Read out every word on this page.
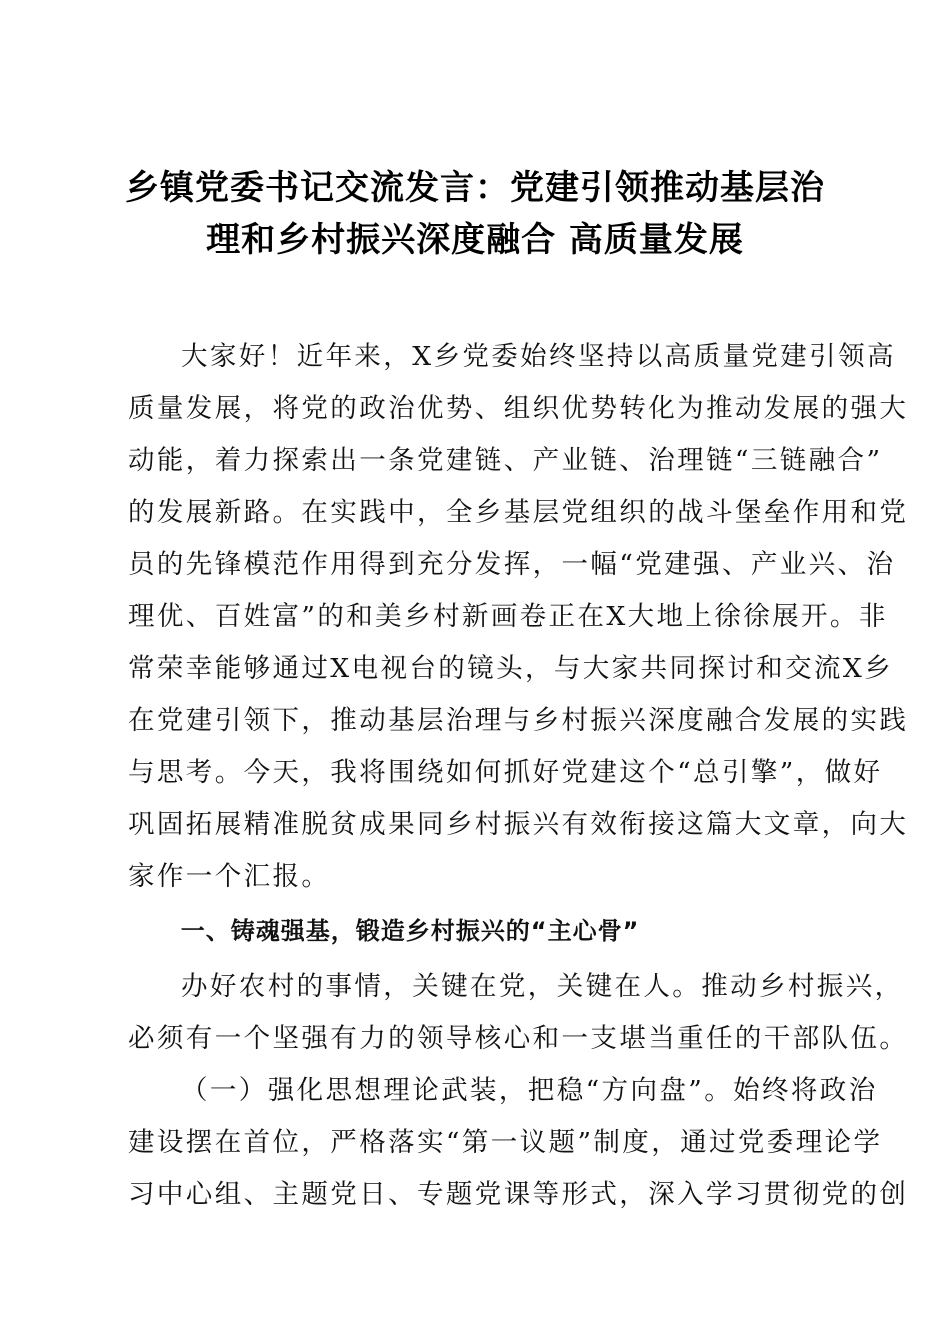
乡镇党委书记交流发言：党建引领推动基层治
理和乡村振兴深度融合 高质量发展

大家好！近年来，X乡党委始终坚持以高质量党建引领高
质量发展，将党的政治优势、组织优势转化为推动发展的强大
动能，着力探索出一条党建链、产业链、治理链“三链融合”
的发展新路。在实践中，全乡基层党组织的战斗堡垒作用和党
员的先锋模范作用得到充分发挥，一幅“党建强、产业兴、治
理优、百姓富”的和美乡村新画卷正在X大地上徐徐展开。非
常荣幸能够通过X电视台的镜头，与大家共同探讨和交流X乡
在党建引领下，推动基层治理与乡村振兴深度融合发展的实践
与思考。今天，我将围绕如何抓好党建这个“总引擎”，做好
巩固拓展精准脱贫成果同乡村振兴有效衔接这篇大文章，向大
家作一个汇报。

一、铸魂强基，锻造乡村振兴的“主心骨”

办好农村的事情，关键在党，关键在人。推动乡村振兴，
必须有一个坚强有力的领导核心和一支堪当重任的干部队伍。

（一）强化思想理论武装，把稳“方向盘”。始终将政治
建设摆在首位，严格落实“第一议题”制度，通过党委理论学
习中心组、主题党日、专题党课等形式，深入学习贯彻党的创
